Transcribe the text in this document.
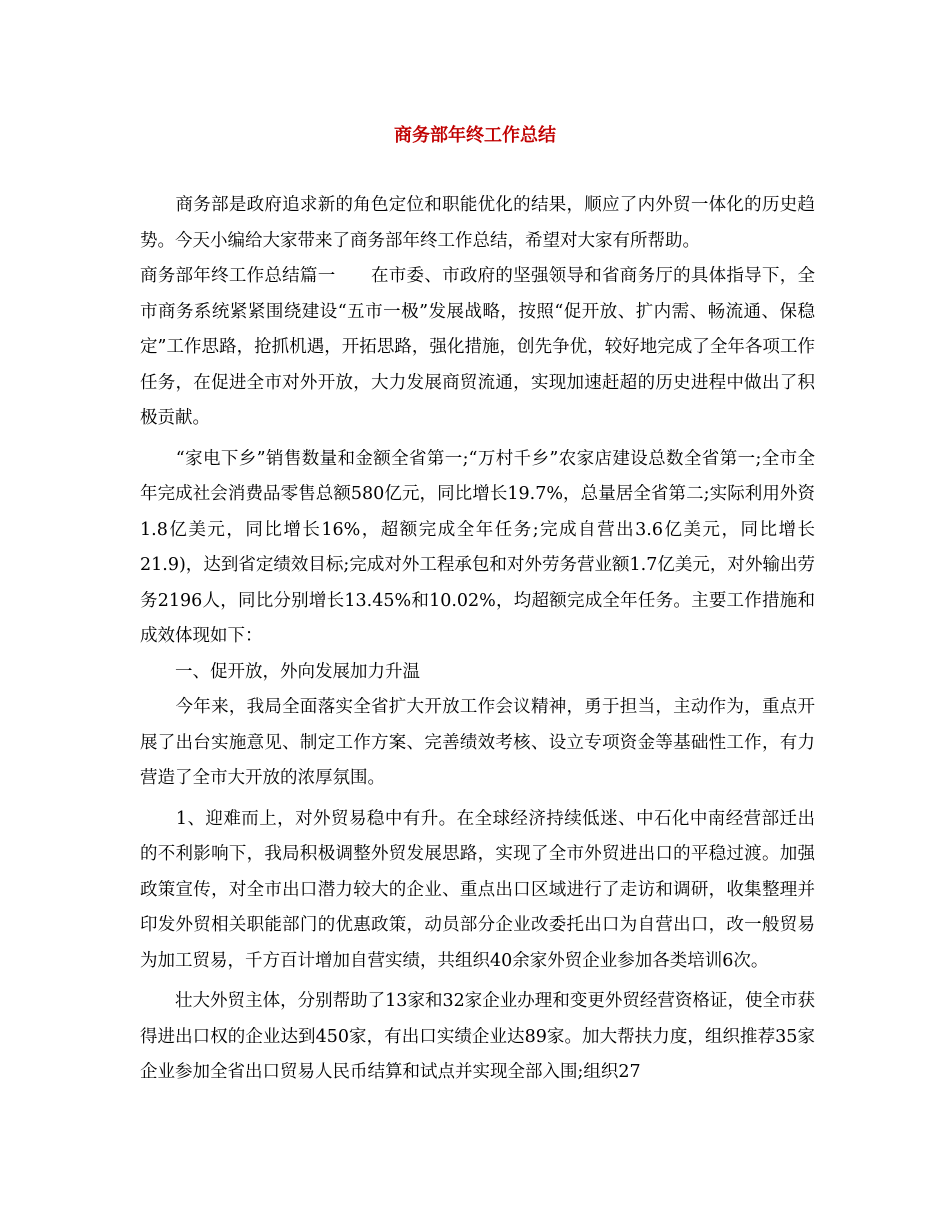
商务部年终工作总结

　　商务部是政府追求新的角色定位和职能优化的结果，顺应了内外贸一体化的历史趋势。今天小编给大家带来了商务部年终工作总结，希望对大家有所帮助。

商务部年终工作总结篇一　　在市委、市政府的坚强领导和省商务厅的具体指导下，全市商务系统紧紧围绕建设“五市一极”发展战略，按照“促开放、扩内需、畅流通、保稳定”工作思路，抢抓机遇，开拓思路，强化措施，创先争优，较好地完成了全年各项工作任务，在促进全市对外开放，大力发展商贸流通，实现加速赶超的历史进程中做出了积极贡献。

　　“家电下乡”销售数量和金额全省第一;“万村千乡”农家店建设总数全省第一;全市全年完成社会消费品零售总额580亿元，同比增长19.7%，总量居全省第二;实际利用外资1.8亿美元，同比增长16%，超额完成全年任务;完成自营出3.6亿美元，同比增长21.9)，达到省定绩效目标;完成对外工程承包和对外劳务营业额1.7亿美元，对外输出劳务2196人，同比分别增长13.45%和10.02%，均超额完成全年任务。主要工作措施和成效体现如下：

　　一、促开放，外向发展加力升温

　　今年来，我局全面落实全省扩大开放工作会议精神，勇于担当，主动作为，重点开展了出台实施意见、制定工作方案、完善绩效考核、设立专项资金等基础性工作，有力营造了全市大开放的浓厚氛围。

　　1、迎难而上，对外贸易稳中有升。在全球经济持续低迷、中石化中南经营部迁出的不利影响下，我局积极调整外贸发展思路，实现了全市外贸进出口的平稳过渡。加强政策宣传，对全市出口潜力较大的企业、重点出口区域进行了走访和调研，收集整理并印发外贸相关职能部门的优惠政策，动员部分企业改委托出口为自营出口，改一般贸易为加工贸易，千方百计增加自营实绩，共组织40余家外贸企业参加各类培训6次。

　　壮大外贸主体，分别帮助了13家和32家企业办理和变更外贸经营资格证，使全市获得进出口权的企业达到450家，有出口实绩企业达89家。加大帮扶力度，组织推荐35家企业参加全省出口贸易人民币结算和试点并实现全部入围;组织27
